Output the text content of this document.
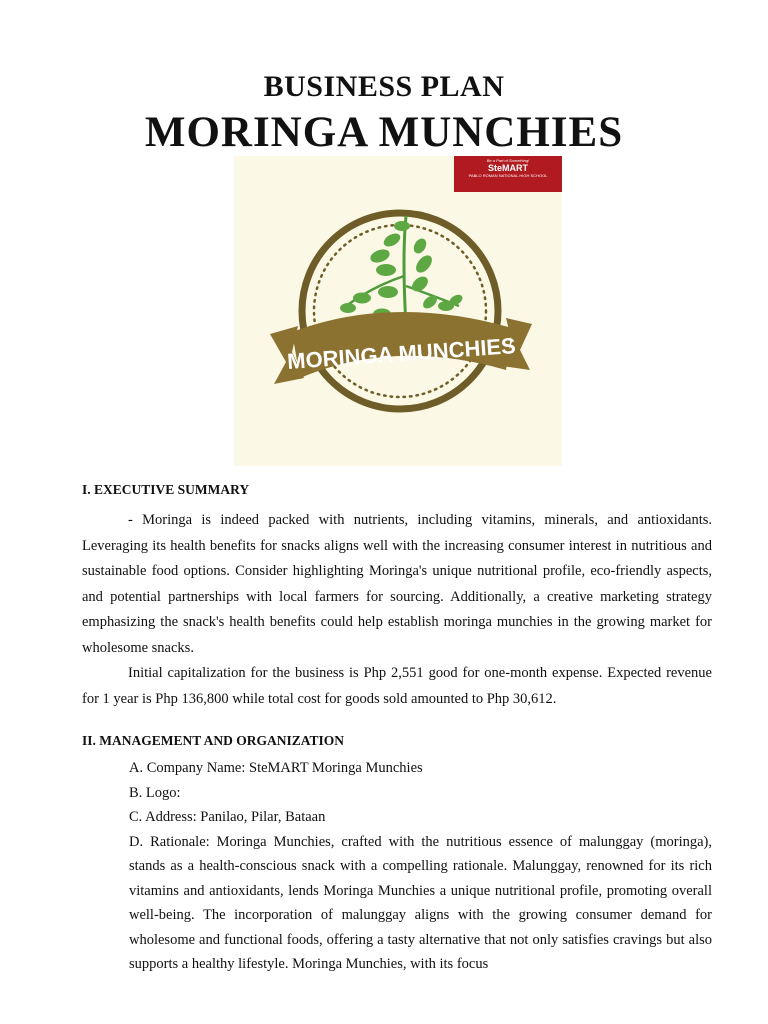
BUSINESS PLAN
MORINGA MUNCHIES
MORINGA MUNCHIES
Be a Part of Something!
SteMART
PABLO ROMAN NATIONAL HIGH SCHOOL
I. EXECUTIVE SUMMARY

- Moringa is indeed packed with nutrients, including vitamins, minerals, and antioxidants. Leveraging its health benefits for snacks aligns well with the increasing consumer interest in nutritious and sustainable food options. Consider highlighting Moringa's unique nutritional profile, eco-friendly aspects, and potential partnerships with local farmers for sourcing. Additionally, a creative marketing strategy emphasizing the snack's health benefits could help establish moringa munchies in the growing market for wholesome snacks.

Initial capitalization for the business is Php 2,551 good for one-month expense. Expected revenue for 1 year is Php 136,800 while total cost for goods sold amounted to Php 30,612.

II. MANAGEMENT AND ORGANIZATION

A. Company Name: SteMART Moringa Munchies

B. Logo:

C. Address: Panilao, Pilar, Bataan

D. Rationale: Moringa Munchies, crafted with the nutritious essence of malunggay (moringa), stands as a health-conscious snack with a compelling rationale. Malunggay, renowned for its rich vitamins and antioxidants, lends Moringa Munchies a unique nutritional profile, promoting overall well-being. The incorporation of malunggay aligns with the growing consumer demand for wholesome and functional foods, offering a tasty alternative that not only satisfies cravings but also supports a healthy lifestyle. Moringa Munchies, with its focus
